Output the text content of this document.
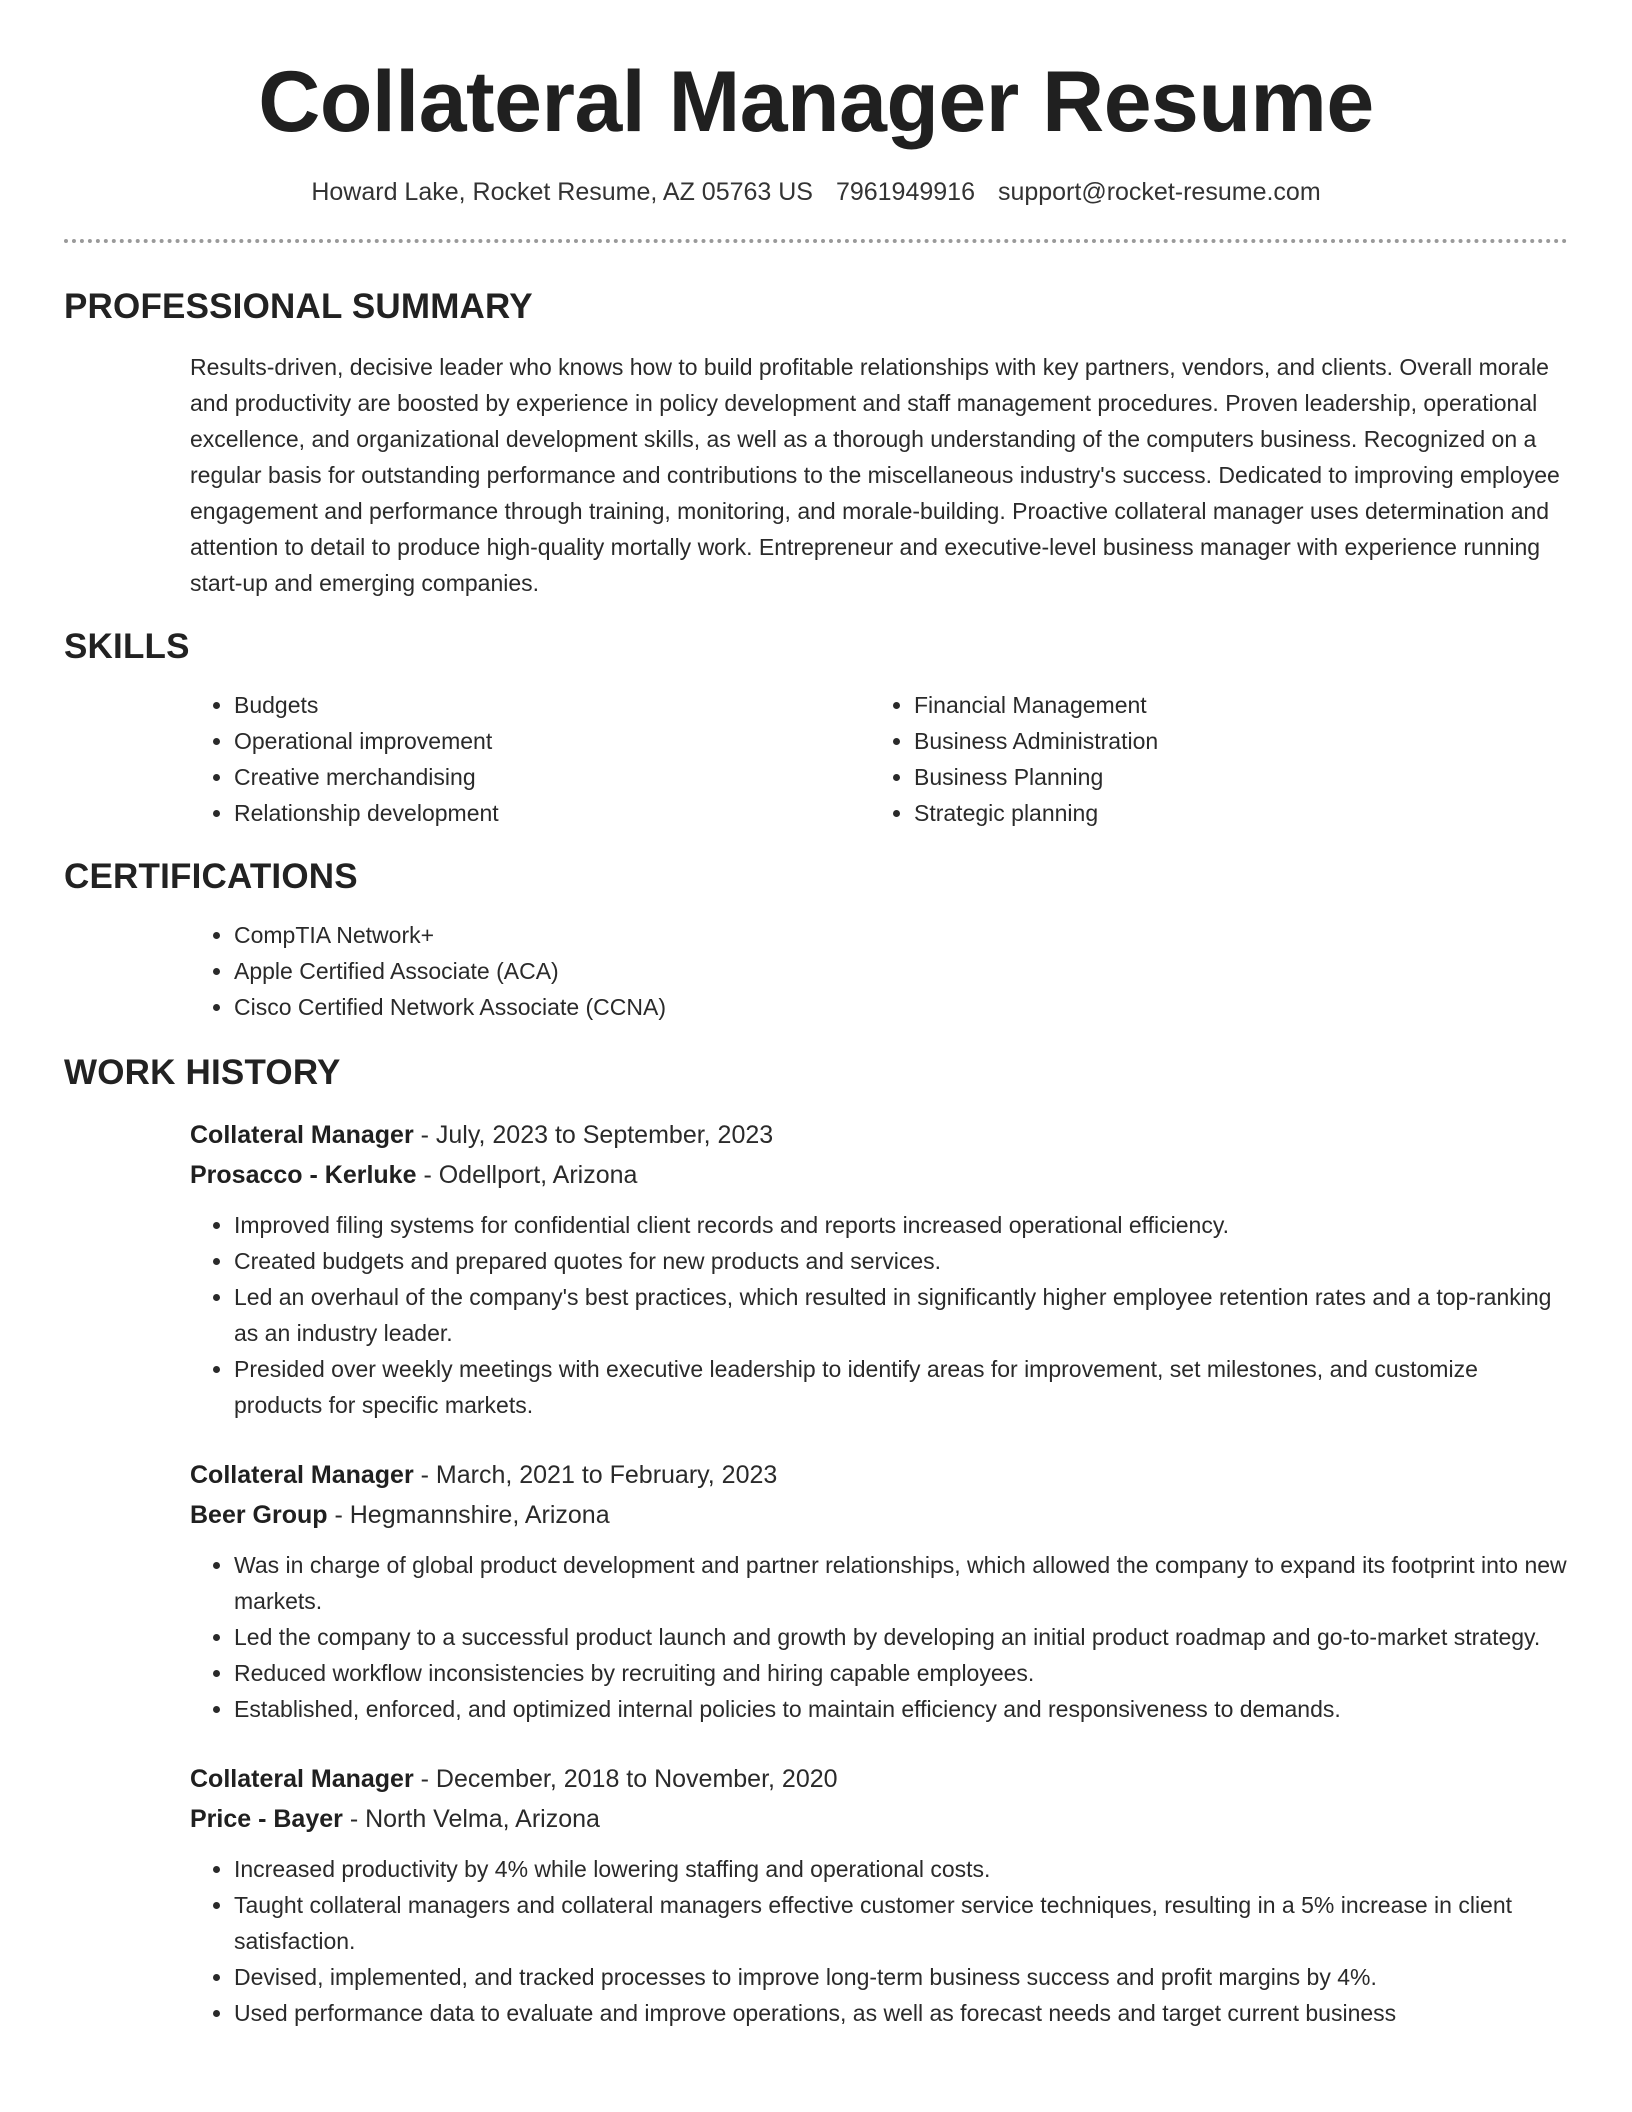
Collateral Manager Resume
Howard Lake, Rocket Resume, AZ 05763 US 7961949916 support@rocket-resume.com
PROFESSIONAL SUMMARY

Results-driven, decisive leader who knows how to build profitable relationships with key partners, vendors, and clients. Overall morale and productivity are boosted by experience in policy development and staff management procedures. Proven leadership, operational excellence, and organizational development skills, as well as a thorough understanding of the computers business. Recognized on a regular basis for outstanding performance and contributions to the miscellaneous industry's success. Dedicated to improving employee engagement and performance through training, monitoring, and morale-building. Proactive collateral manager uses determination and attention to detail to produce high-quality mortally work. Entrepreneur and executive-level business manager with experience running start-up and emerging companies.

SKILLS
• Budgets
• Operational improvement
• Creative merchandising
• Relationship development
• Financial Management
• Business Administration
• Business Planning
• Strategic planning
CERTIFICATIONS
• CompTIA Network+
• Apple Certified Associate (ACA)
• Cisco Certified Network Associate (CCNA)
WORK HISTORY
Collateral Manager - July, 2023 to September, 2023
Prosacco - Kerluke - Odellport, Arizona
• Improved filing systems for confidential client records and reports increased operational efficiency.
• Created budgets and prepared quotes for new products and services.
• Led an overhaul of the company's best practices, which resulted in significantly higher employee retention rates and a top-ranking as an industry leader.
• Presided over weekly meetings with executive leadership to identify areas for improvement, set milestones, and customize products for specific markets.
Collateral Manager - March, 2021 to February, 2023
Beer Group - Hegmannshire, Arizona
• Was in charge of global product development and partner relationships, which allowed the company to expand its footprint into new markets.
• Led the company to a successful product launch and growth by developing an initial product roadmap and go-to-market strategy.
• Reduced workflow inconsistencies by recruiting and hiring capable employees.
• Established, enforced, and optimized internal policies to maintain efficiency and responsiveness to demands.
Collateral Manager - December, 2018 to November, 2020
Price - Bayer - North Velma, Arizona
• Increased productivity by 4% while lowering staffing and operational costs.
• Taught collateral managers and collateral managers effective customer service techniques, resulting in a 5% increase in client satisfaction.
• Devised, implemented, and tracked processes to improve long-term business success and profit margins by 4%.
• Used performance data to evaluate and improve operations, as well as forecast needs and target current business
